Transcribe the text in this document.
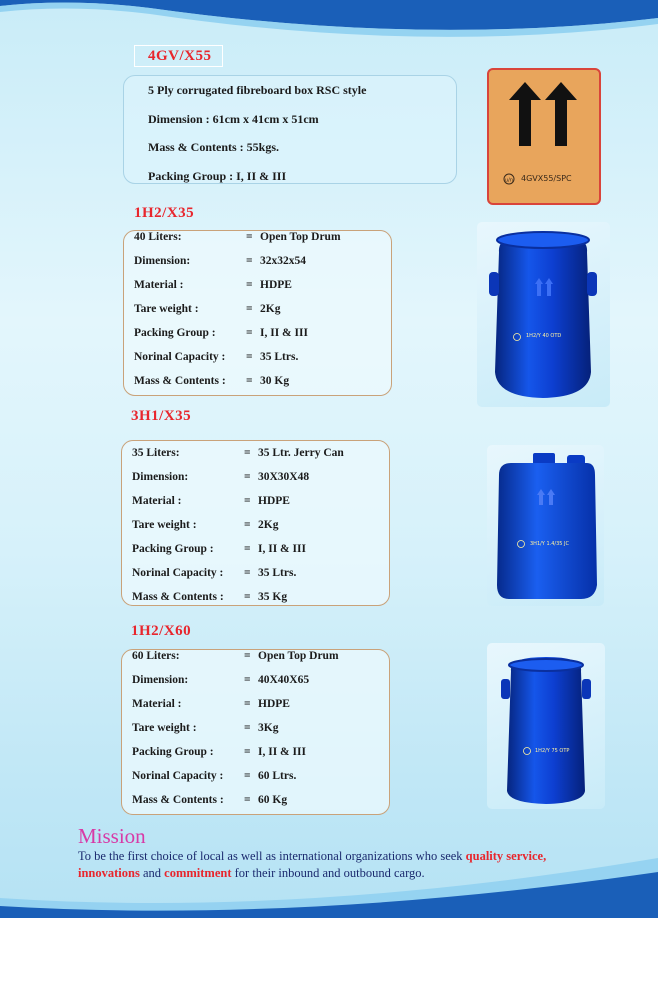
4GV/X55
5 Ply corrugated fibreboard box RSC style
Dimension : 61cm x 41cm x 51cm
Mass & Contents : 55kgs.
Packing Group : I, II & III	u/n 4GVX55/SPC
1H2/X35
40 Liters:	= Open Top Drum
Dimension:	= 32x32x54
Material :	= HDPE
Tare weight :	= 2Kg
Packing Group :	= I, II & III
Norinal Capacity : = 35 Ltrs.
Mass & Contents : = 30 Kg
1H2/Y 40 OTD
3H1/X35
35 Liters:	= 35 Ltr. Jerry Can
Dimension:	= 30X30X48
Material :	= HDPE
Tare weight :	= 2Kg
Packing Group :	= I, II & III
Norinal Capacity : = 35 Ltrs.
Mass & Contents : = 35 Kg
3H1/Y 1.4/35 JC
1H2/X60
60 Liters:	= Open Top Drum
Dimension:	= 40X40X65
Material :	= HDPE
Tare weight :	= 3Kg
Packing Group :	= I, II & III
Norinal Capacity : = 60 Ltrs.
Mass & Contents : = 60 Kg
1H2/Y 75 OTP
Mission
To be the first choice of local as well as international organizations who seek quality service, innovations and commitment for their inbound and outbound cargo.
